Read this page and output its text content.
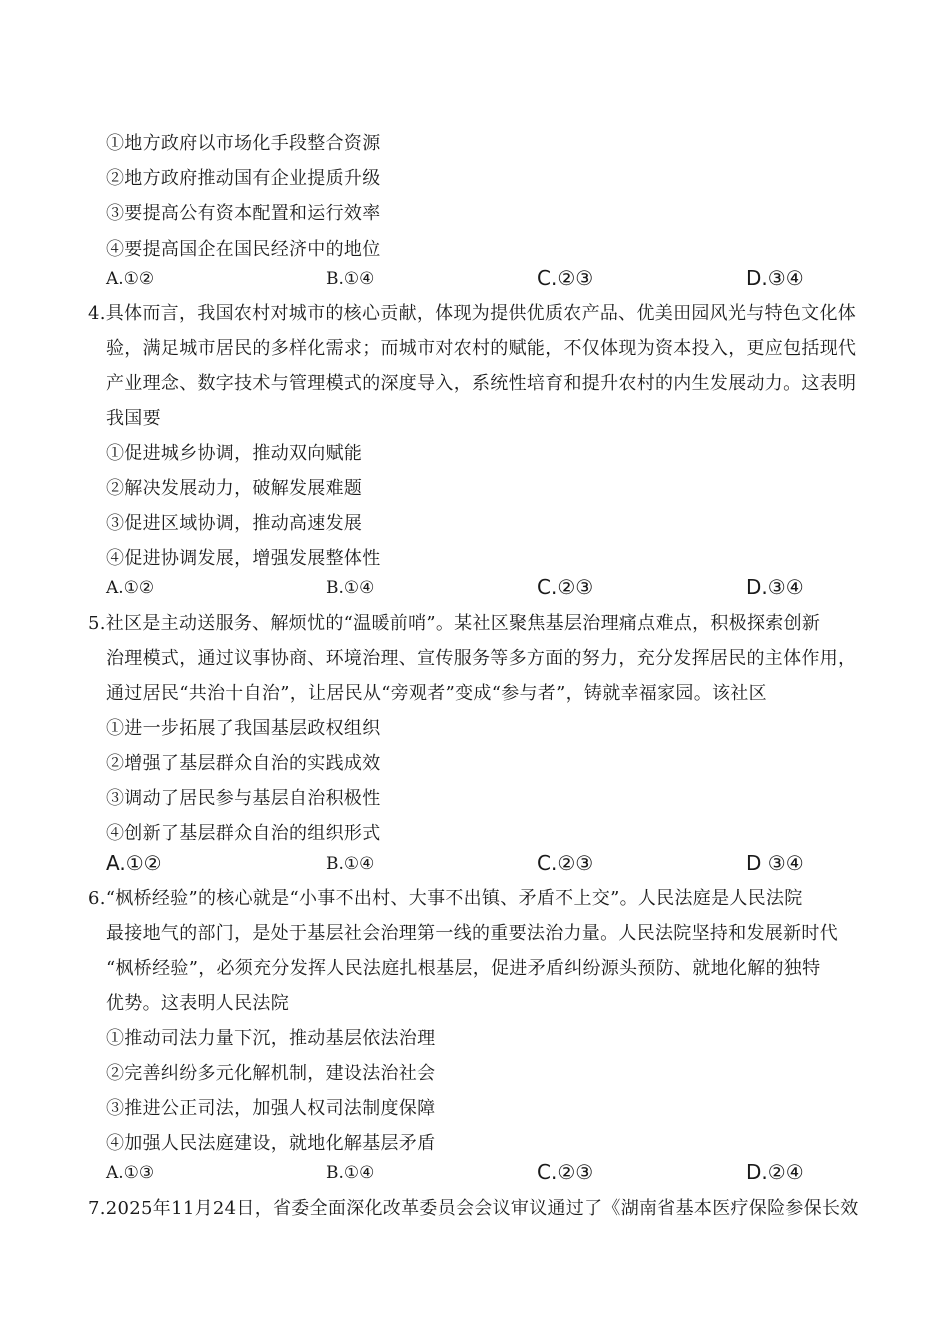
①地方政府以市场化手段整合资源
②地方政府推动国有企业提质升级
③要提高公有资本配置和运行效率
④要提高国企在国民经济中的地位
A.①②	B.①④	C.②③	D.③④
4.具体而言，我国农村对城市的核心贡献，体现为提供优质农产品、优美田园风光与特色文化体
验，满足城市居民的多样化需求；而城市对农村的赋能，不仅体现为资本投入，更应包括现代
产业理念、数字技术与管理模式的深度导入，系统性培育和提升农村的内生发展动力。这表明
我国要
①促进城乡协调，推动双向赋能
②解决发展动力，破解发展难题
③促进区域协调，推动高速发展
④促进协调发展，增强发展整体性
A.①②	B.①④	C.②③	D.③④
5.社区是主动送服务、解烦忧的“温暖前哨”。某社区聚焦基层治理痛点难点，积极探索创新
治理模式，通过议事协商、环境治理、宣传服务等多方面的努力，充分发挥居民的主体作用，
通过居民“共治十自治”，让居民从“旁观者”变成“参与者”，铸就幸福家园。该社区
①进一步拓展了我国基层政权组织
②增强了基层群众自治的实践成效
③调动了居民参与基层自治积极性
④创新了基层群众自治的组织形式
A.①②	B.①④	C.②③	D ③④
6.“枫桥经验”的核心就是“小事不出村、大事不出镇、矛盾不上交”。人民法庭是人民法院
最接地气的部门，是处于基层社会治理第一线的重要法治力量。人民法院坚持和发展新时代
“枫桥经验”，必须充分发挥人民法庭扎根基层，促进矛盾纠纷源头预防、就地化解的独特
优势。这表明人民法院
①推动司法力量下沉，推动基层依法治理
②完善纠纷多元化解机制，建设法治社会
③推进公正司法，加强人权司法制度保障
④加强人民法庭建设，就地化解基层矛盾
A.①③	B.①④	C.②③	D.②④
7.2025年11月24日，省委全面深化改革委员会会议审议通过了《湖南省基本医疗保险参保长效
